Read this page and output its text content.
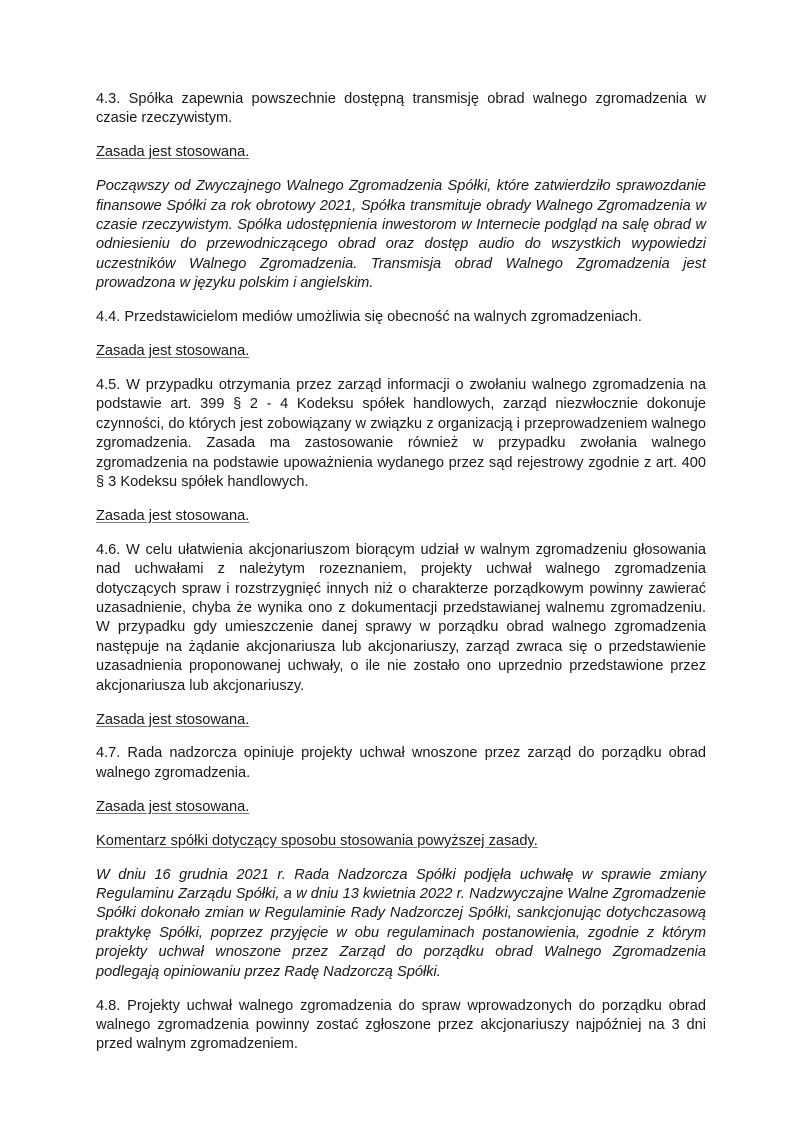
4.3. Spółka zapewnia powszechnie dostępną transmisję obrad walnego zgromadzenia w czasie rzeczywistym.

Zasada jest stosowana.

Począwszy od Zwyczajnego Walnego Zgromadzenia Spółki, które zatwierdziło sprawozdanie finansowe Spółki za rok obrotowy 2021, Spółka transmituje obrady Walnego Zgromadzenia w czasie rzeczywistym. Spółka udostępnienia inwestorom w Internecie podgląd na salę obrad w odniesieniu do przewodniczącego obrad oraz dostęp audio do wszystkich wypowiedzi uczestników Walnego Zgromadzenia. Transmisja obrad Walnego Zgromadzenia jest prowadzona w języku polskim i angielskim.

4.4. Przedstawicielom mediów umożliwia się obecność na walnych zgromadzeniach.

Zasada jest stosowana.

4.5. W przypadku otrzymania przez zarząd informacji o zwołaniu walnego zgromadzenia na podstawie art. 399 § 2 - 4 Kodeksu spółek handlowych, zarząd niezwłocznie dokonuje czynności, do których jest zobowiązany w związku z organizacją i przeprowadzeniem walnego zgromadzenia. Zasada ma zastosowanie również w przypadku zwołania walnego zgromadzenia na podstawie upoważnienia wydanego przez sąd rejestrowy zgodnie z art. 400 § 3 Kodeksu spółek handlowych.

Zasada jest stosowana.

4.6. W celu ułatwienia akcjonariuszom biorącym udział w walnym zgromadzeniu głosowania nad uchwałami z należytym rozeznaniem, projekty uchwał walnego zgromadzenia dotyczących spraw i rozstrzygnięć innych niż o charakterze porządkowym powinny zawierać uzasadnienie, chyba że wynika ono z dokumentacji przedstawianej walnemu zgromadzeniu. W przypadku gdy umieszczenie danej sprawy w porządku obrad walnego zgromadzenia następuje na żądanie akcjonariusza lub akcjonariuszy, zarząd zwraca się o przedstawienie uzasadnienia proponowanej uchwały, o ile nie zostało ono uprzednio przedstawione przez akcjonariusza lub akcjonariuszy.

Zasada jest stosowana.

4.7. Rada nadzorcza opiniuje projekty uchwał wnoszone przez zarząd do porządku obrad walnego zgromadzenia.

Zasada jest stosowana.

Komentarz spółki dotyczący sposobu stosowania powyższej zasady.

W dniu 16 grudnia 2021 r. Rada Nadzorcza Spółki podjęła uchwałę w sprawie zmiany Regulaminu Zarządu Spółki, a w dniu 13 kwietnia 2022 r. Nadzwyczajne Walne Zgromadzenie Spółki dokonało zmian w Regulaminie Rady Nadzorczej Spółki, sankcjonując dotychczasową praktykę Spółki, poprzez przyjęcie w obu regulaminach postanowienia, zgodnie z którym projekty uchwał wnoszone przez Zarząd do porządku obrad Walnego Zgromadzenia podlegają opiniowaniu przez Radę Nadzorczą Spółki.

4.8. Projekty uchwał walnego zgromadzenia do spraw wprowadzonych do porządku obrad walnego zgromadzenia powinny zostać zgłoszone przez akcjonariuszy najpóźniej na 3 dni przed walnym zgromadzeniem.
